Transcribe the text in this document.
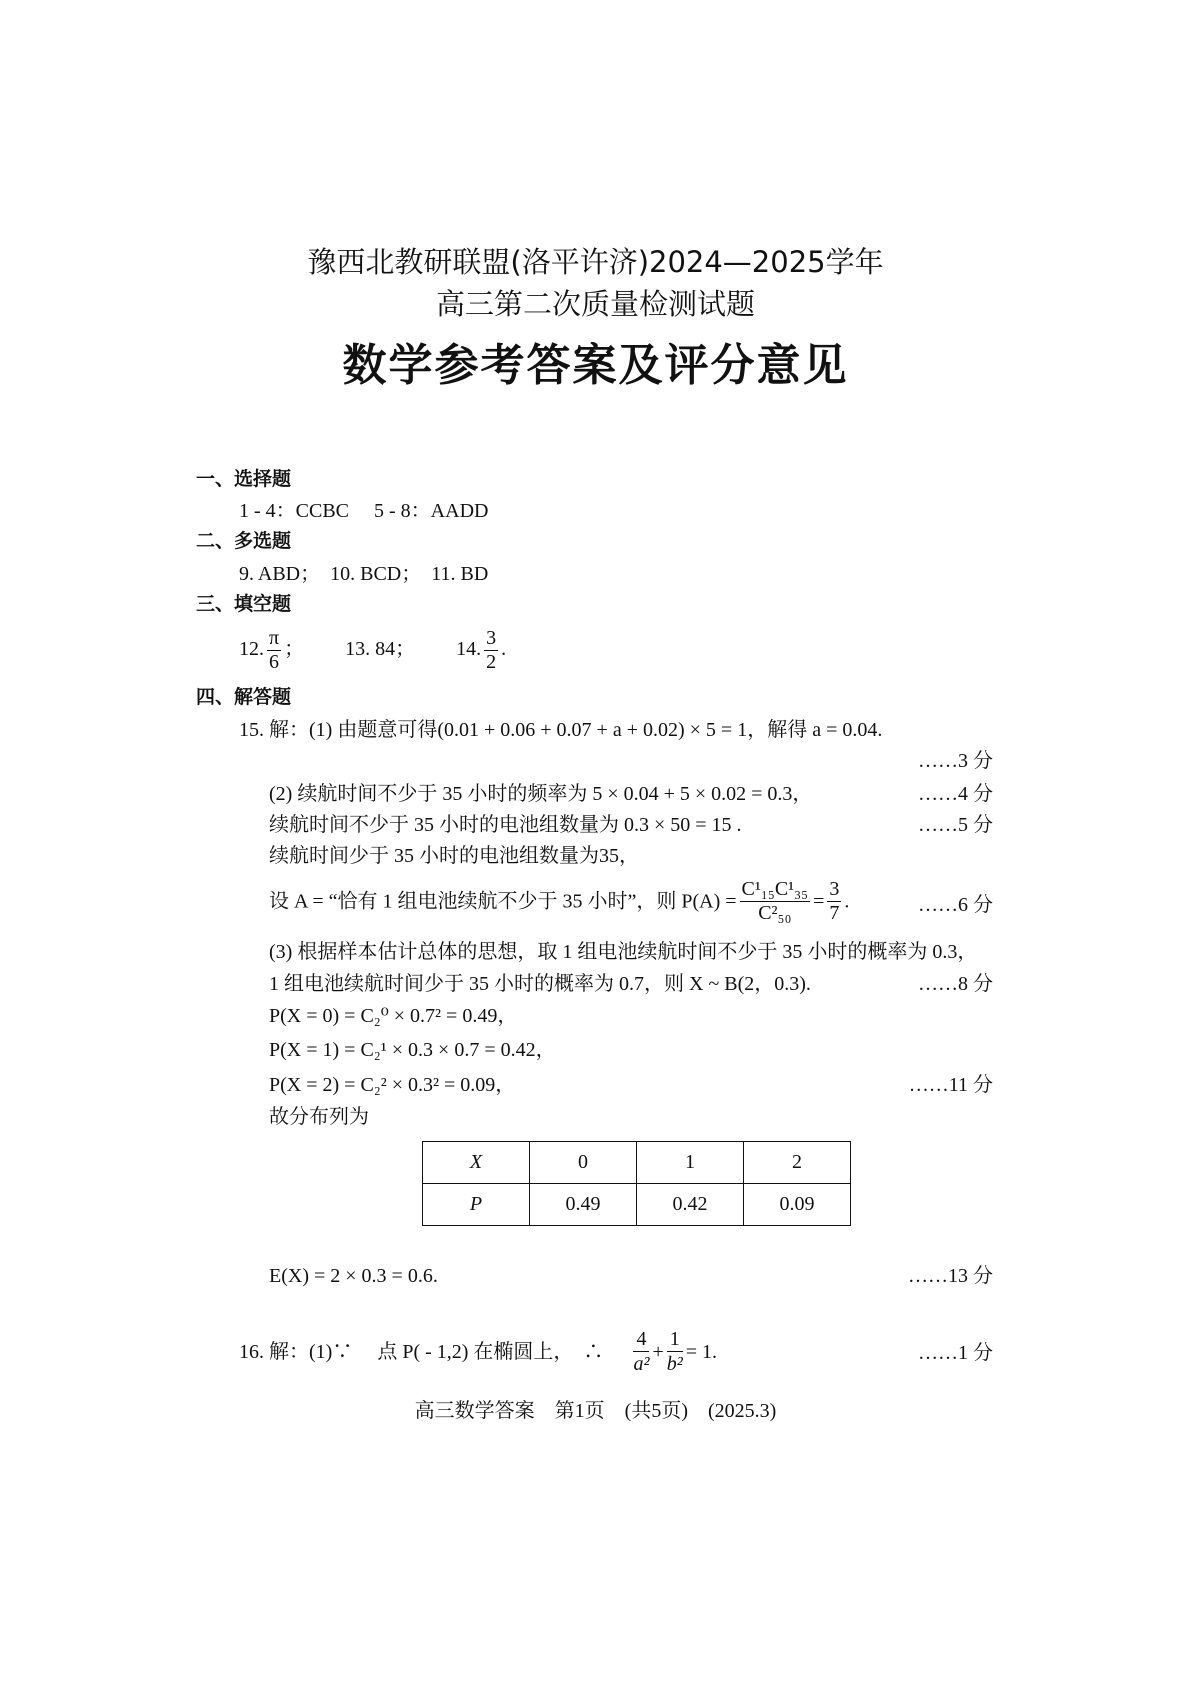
豫西北教研联盟(洛平许济)2024—2025学年
高三第二次质量检测试题
数学参考答案及评分意见
一、选择题
1 - 4：CCBC　 5 - 8：AADD
二、多选题
9. ABD；　10. BCD；　11. BD
三、填空题
12. $\frac{\pi}{6}$ ； 13. 84； 14. $\frac{3}{2}$ .
四、解答题
15. 解：(1) 由题意可得(0.01 + 0.06 + 0.07 + a + 0.02) × 5 = 1，解得 a = 0.04.
……3 分
(2) 续航时间不少于 35 小时的频率为 5 × 0.04 + 5 × 0.02 = 0.3，	……4 分
续航时间不少于 35 小时的电池组数量为 0.3 × 50 = 15 .	……5 分
续航时间少于 35 小时的电池组数量为35，
设 A = “恰有 1 组电池续航不少于 35 小时”，则 $P(A) = \frac{\text{C¹₁₅C¹₃₅}}{\text{C²₅₀}} = \frac{3}{7}$ .	……6 分
(3) 根据样本估计总体的思想，取 1 组电池续航时间不少于 35 小时的概率为 0.3，
1 组电池续航时间少于 35 小时的概率为 0.7，则 X ~ B(2，0.3).	……8 分
P(X = 0) = C₂⁰ × 0.7² = 0.49，
P(X = 1) = C₂¹ × 0.3 × 0.7 = 0.42，
P(X = 2) = C₂² × 0.3² = 0.09，	……11 分
故分布列为
X	0	1	2
P	0.49	0.42	0.09
E(X) = 2 × 0.3 = 0.6.	……13 分
16. 解：(1)∵　 点 P( - 1,2) 在椭圆上，　∴ $\frac{4}{\text{a²}} + \frac{1}{\text{b²}} = 1$.	……1 分
高三数学答案　第1页　(共5页)　(2025.3)
